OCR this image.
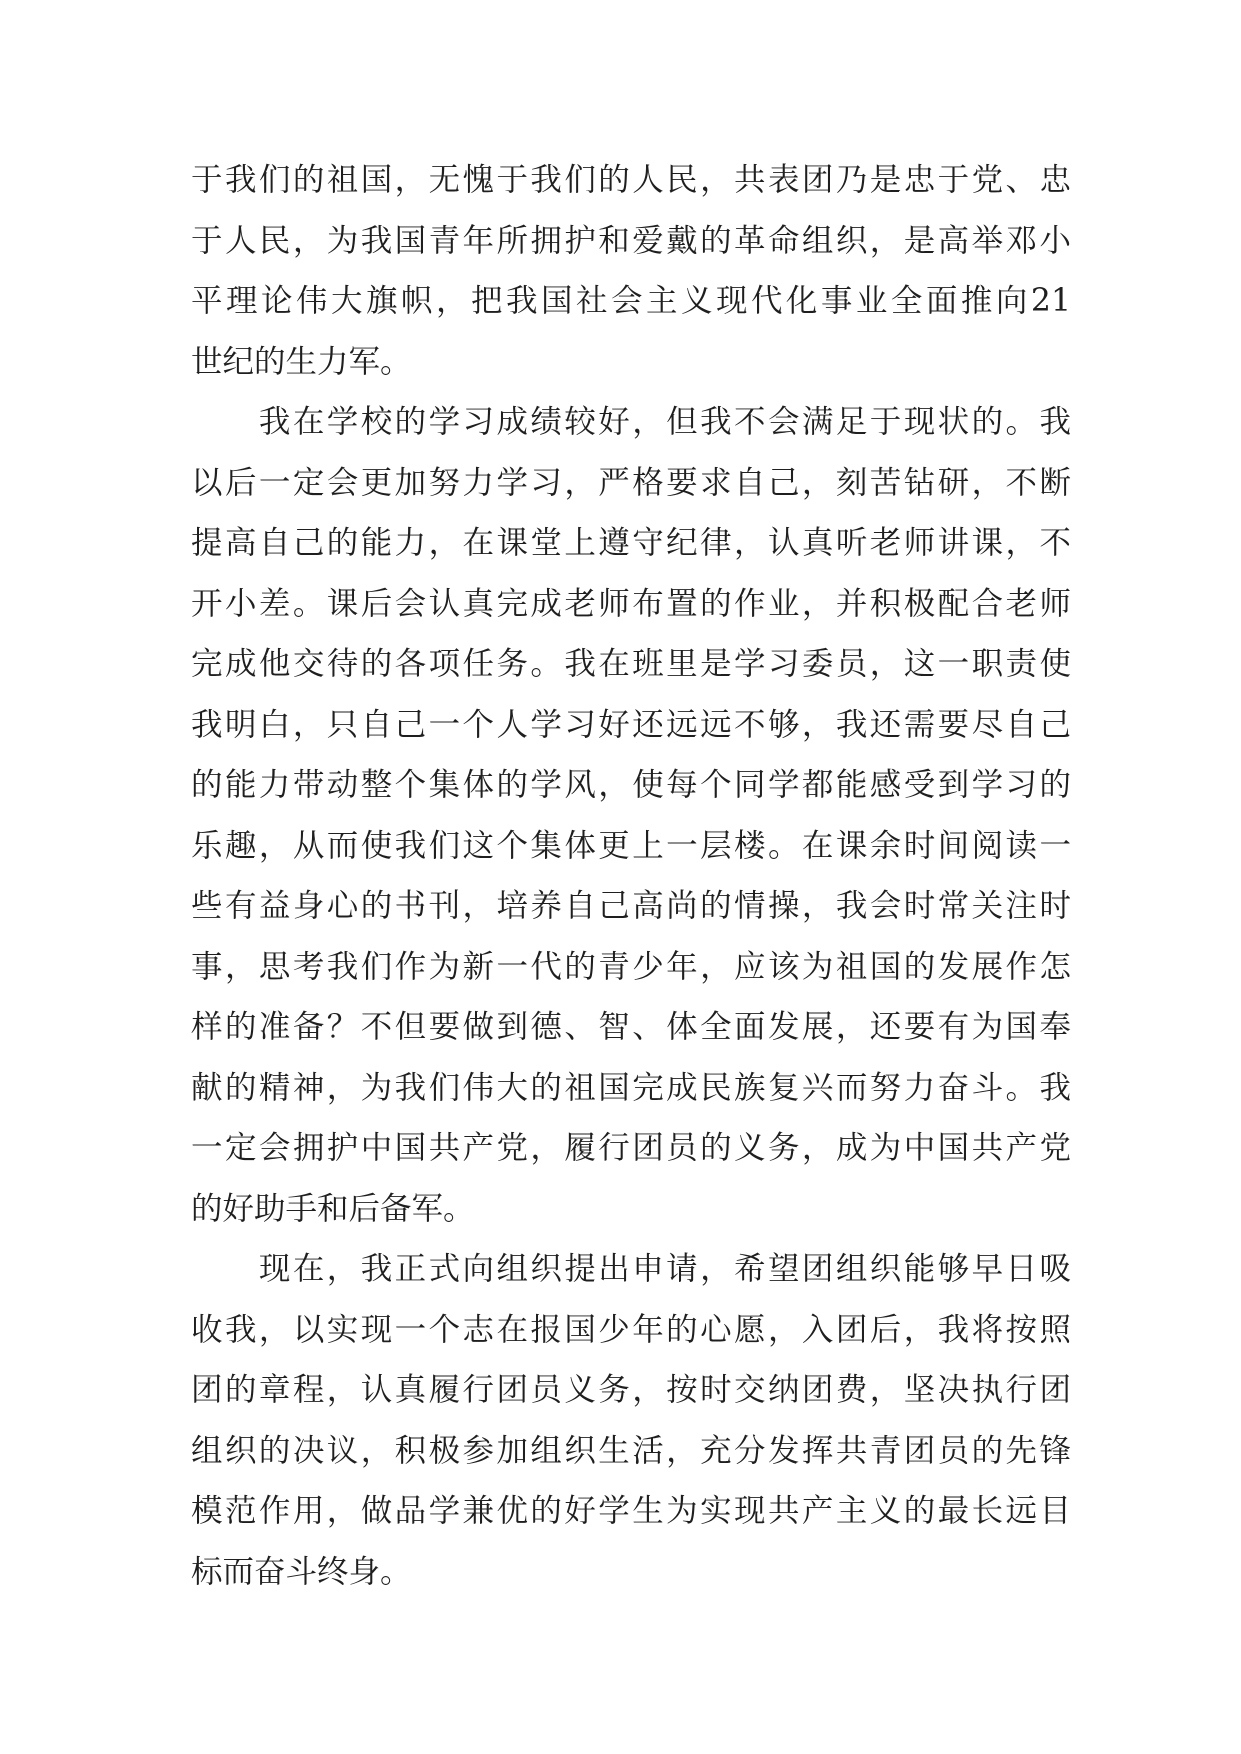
于我们的祖国，无愧于我们的人民，共表团乃是忠于党、忠
于人民，为我国青年所拥护和爱戴的革命组织，是高举邓小
平理论伟大旗帜，把我国社会主义现代化事业全面推向21
世纪的生力军。
　　我在学校的学习成绩较好，但我不会满足于现状的。我
以后一定会更加努力学习，严格要求自己，刻苦钻研，不断
提高自己的能力，在课堂上遵守纪律，认真听老师讲课，不
开小差。课后会认真完成老师布置的作业，并积极配合老师
完成他交待的各项任务。我在班里是学习委员，这一职责使
我明白，只自己一个人学习好还远远不够，我还需要尽自己
的能力带动整个集体的学风，使每个同学都能感受到学习的
乐趣，从而使我们这个集体更上一层楼。在课余时间阅读一
些有益身心的书刊，培养自己高尚的情操，我会时常关注时
事，思考我们作为新一代的青少年，应该为祖国的发展作怎
样的准备？不但要做到德、智、体全面发展，还要有为国奉
献的精神，为我们伟大的祖国完成民族复兴而努力奋斗。我
一定会拥护中国共产党，履行团员的义务，成为中国共产党
的好助手和后备军。
　　现在，我正式向组织提出申请，希望团组织能够早日吸
收我，以实现一个志在报国少年的心愿，入团后，我将按照
团的章程，认真履行团员义务，按时交纳团费，坚决执行团
组织的决议，积极参加组织生活，充分发挥共青团员的先锋
模范作用，做品学兼优的好学生为实现共产主义的最长远目
标而奋斗终身。
